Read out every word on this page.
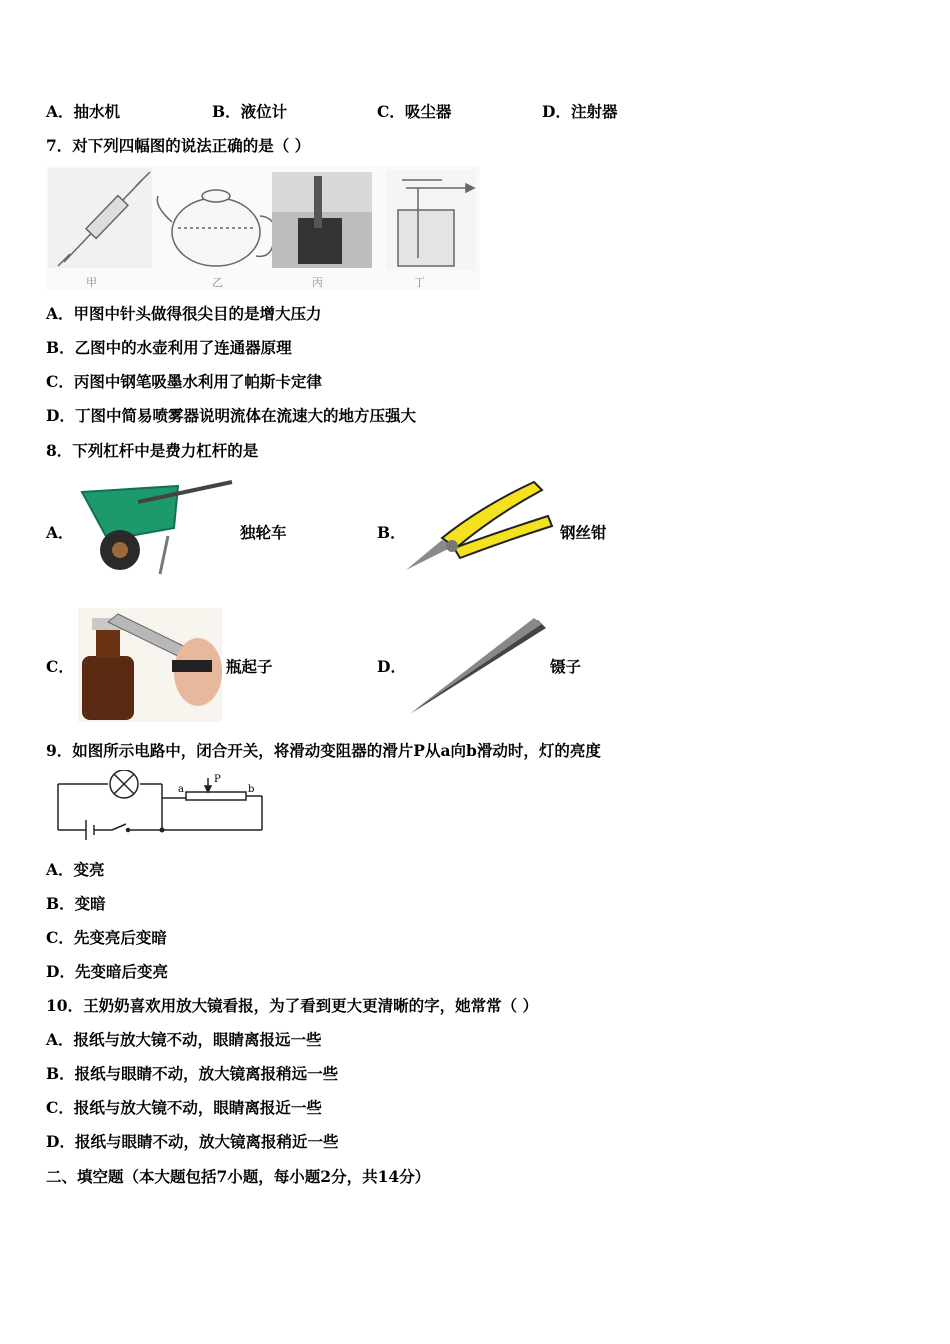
A．抽水机	B．液位计	C．吸尘器	D．注射器
7．对下列四幅图的说法正确的是（ ）
甲	乙	丙	丁
A．甲图中针头做得很尖目的是增大压力
B．乙图中的水壶利用了连通器原理
C．丙图中钢笔吸墨水利用了帕斯卡定律
D．丁图中简易喷雾器说明流体在流速大的地方压强大
8．下列杠杆中是费力杠杆的是
A．	独轮车	B．	钢丝钳
C．	瓶起子	D．	镊子
9．如图所示电路中，闭合开关，将滑动变阻器的滑片P从a向b滑动时，灯的亮度
a	b
P
A．变亮
B．变暗
C．先变亮后变暗
D．先变暗后变亮
10．王奶奶喜欢用放大镜看报，为了看到更大更清晰的字，她常常（ ）
A．报纸与放大镜不动，眼睛离报远一些
B．报纸与眼睛不动，放大镜离报稍远一些
C．报纸与放大镜不动，眼睛离报近一些
D．报纸与眼睛不动，放大镜离报稍近一些
二、填空题（本大题包括7小题，每小题2分，共14分）
